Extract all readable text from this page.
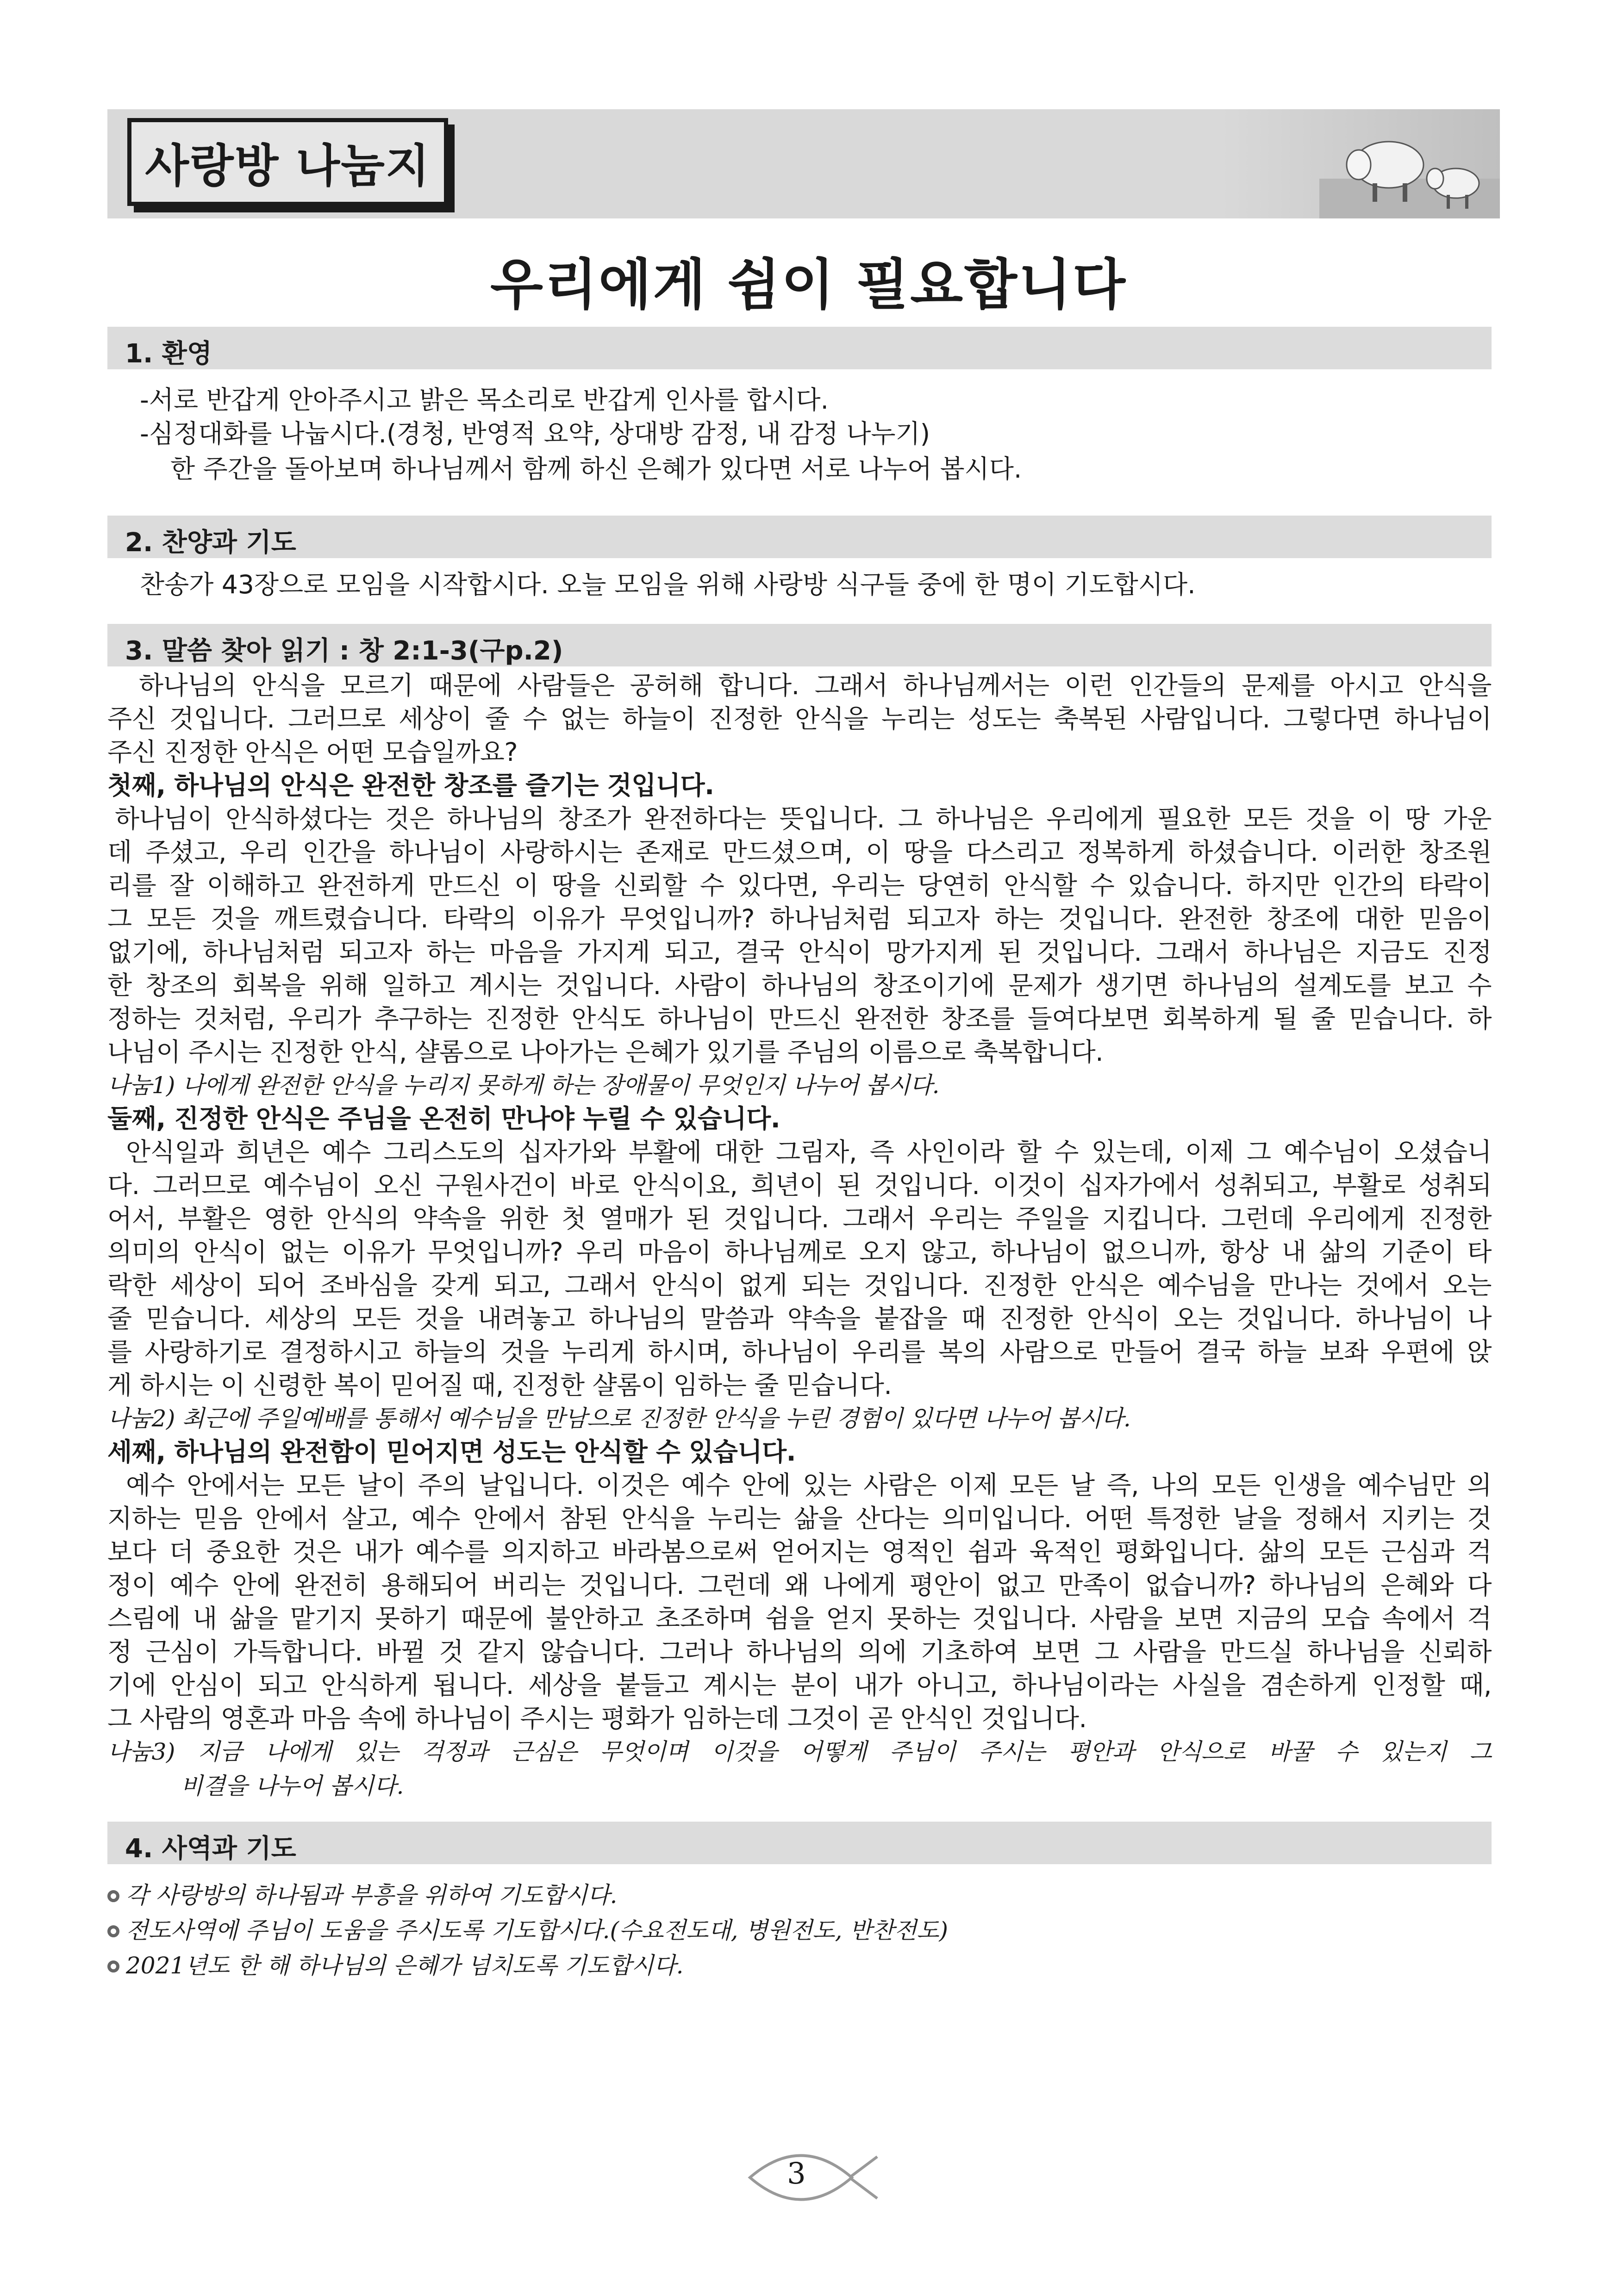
사랑방 나눔지
우리에게 쉼이 필요합니다
1. 환영
-서로 반갑게 안아주시고 밝은 목소리로 반갑게 인사를 합시다.
-심정대화를 나눕시다.(경청, 반영적 요약, 상대방 감정, 내 감정 나누기)
한 주간을 돌아보며 하나님께서 함께 하신 은혜가 있다면 서로 나누어 봅시다.
2. 찬양과 기도
찬송가 43장으로 모임을 시작합시다. 오늘 모임을 위해 사랑방 식구들 중에 한 명이 기도합시다.
3. 말씀 찾아 읽기 : 창 2:1-3(구p.2)
하나님의 안식을 모르기 때문에 사람들은 공허해 합니다. 그래서 하나님께서는 이런 인간들의 문제를 아시고 안식을
주신 것입니다. 그러므로 세상이 줄 수 없는 하늘이 진정한 안식을 누리는 성도는 축복된 사람입니다. 그렇다면 하나님이
주신 진정한 안식은 어떤 모습일까요?
첫째, 하나님의 안식은 완전한 창조를 즐기는 것입니다.
하나님이 안식하셨다는 것은 하나님의 창조가 완전하다는 뜻입니다. 그 하나님은 우리에게 필요한 모든 것을 이 땅 가운
데 주셨고, 우리 인간을 하나님이 사랑하시는 존재로 만드셨으며, 이 땅을 다스리고 정복하게 하셨습니다. 이러한 창조원
리를 잘 이해하고 완전하게 만드신 이 땅을 신뢰할 수 있다면, 우리는 당연히 안식할 수 있습니다. 하지만 인간의 타락이
그 모든 것을 깨트렸습니다. 타락의 이유가 무엇입니까? 하나님처럼 되고자 하는 것입니다. 완전한 창조에 대한 믿음이
없기에, 하나님처럼 되고자 하는 마음을 가지게 되고, 결국 안식이 망가지게 된 것입니다. 그래서 하나님은 지금도 진정
한 창조의 회복을 위해 일하고 계시는 것입니다. 사람이 하나님의 창조이기에 문제가 생기면 하나님의 설계도를 보고 수
정하는 것처럼, 우리가 추구하는 진정한 안식도 하나님이 만드신 완전한 창조를 들여다보면 회복하게 될 줄 믿습니다. 하
나님이 주시는 진정한 안식, 샬롬으로 나아가는 은혜가 있기를 주님의 이름으로 축복합니다.
나눔1) 나에게 완전한 안식을 누리지 못하게 하는 장애물이 무엇인지 나누어 봅시다.
둘째, 진정한 안식은 주님을 온전히 만나야 누릴 수 있습니다.
안식일과 희년은 예수 그리스도의 십자가와 부활에 대한 그림자, 즉 사인이라 할 수 있는데, 이제 그 예수님이 오셨습니
다. 그러므로 예수님이 오신 구원사건이 바로 안식이요, 희년이 된 것입니다. 이것이 십자가에서 성취되고, 부활로 성취되
어서, 부활은 영한 안식의 약속을 위한 첫 열매가 된 것입니다. 그래서 우리는 주일을 지킵니다. 그런데 우리에게 진정한
의미의 안식이 없는 이유가 무엇입니까? 우리 마음이 하나님께로 오지 않고, 하나님이 없으니까, 항상 내 삶의 기준이 타
락한 세상이 되어 조바심을 갖게 되고, 그래서 안식이 없게 되는 것입니다. 진정한 안식은 예수님을 만나는 것에서 오는
줄 믿습니다. 세상의 모든 것을 내려놓고 하나님의 말씀과 약속을 붙잡을 때 진정한 안식이 오는 것입니다. 하나님이 나
를 사랑하기로 결정하시고 하늘의 것을 누리게 하시며, 하나님이 우리를 복의 사람으로 만들어 결국 하늘 보좌 우편에 앉
게 하시는 이 신령한 복이 믿어질 때, 진정한 샬롬이 임하는 줄 믿습니다.
나눔2) 최근에 주일예배를 통해서 예수님을 만남으로 진정한 안식을 누린 경험이 있다면 나누어 봅시다.
세째, 하나님의 완전함이 믿어지면 성도는 안식할 수 있습니다.
예수 안에서는 모든 날이 주의 날입니다. 이것은 예수 안에 있는 사람은 이제 모든 날 즉, 나의 모든 인생을 예수님만 의
지하는 믿음 안에서 살고, 예수 안에서 참된 안식을 누리는 삶을 산다는 의미입니다. 어떤 특정한 날을 정해서 지키는 것
보다 더 중요한 것은 내가 예수를 의지하고 바라봄으로써 얻어지는 영적인 쉼과 육적인 평화입니다. 삶의 모든 근심과 걱
정이 예수 안에 완전히 용해되어 버리는 것입니다. 그런데 왜 나에게 평안이 없고 만족이 없습니까? 하나님의 은혜와 다
스림에 내 삶을 맡기지 못하기 때문에 불안하고 초조하며 쉼을 얻지 못하는 것입니다. 사람을 보면 지금의 모습 속에서 걱
정 근심이 가득합니다. 바뀔 것 같지 않습니다. 그러나 하나님의 의에 기초하여 보면 그 사람을 만드실 하나님을 신뢰하
기에 안심이 되고 안식하게 됩니다. 세상을 붙들고 계시는 분이 내가 아니고, 하나님이라는 사실을 겸손하게 인정할 때,
그 사람의 영혼과 마음 속에 하나님이 주시는 평화가 임하는데 그것이 곧 안식인 것입니다.
나눔3) 지금 나에게 있는 걱정과 근심은 무엇이며 이것을 어떻게 주님이 주시는 평안과 안식으로 바꿀 수 있는지 그
비결을 나누어 봅시다.
4. 사역과 기도
각 사랑방의 하나됨과 부흥을 위하여 기도합시다.
전도사역에 주님이 도움을 주시도록 기도합시다.(수요전도대, 병원전도, 반찬전도)
2021년도 한 해 하나님의 은혜가 넘치도록 기도합시다.
3
